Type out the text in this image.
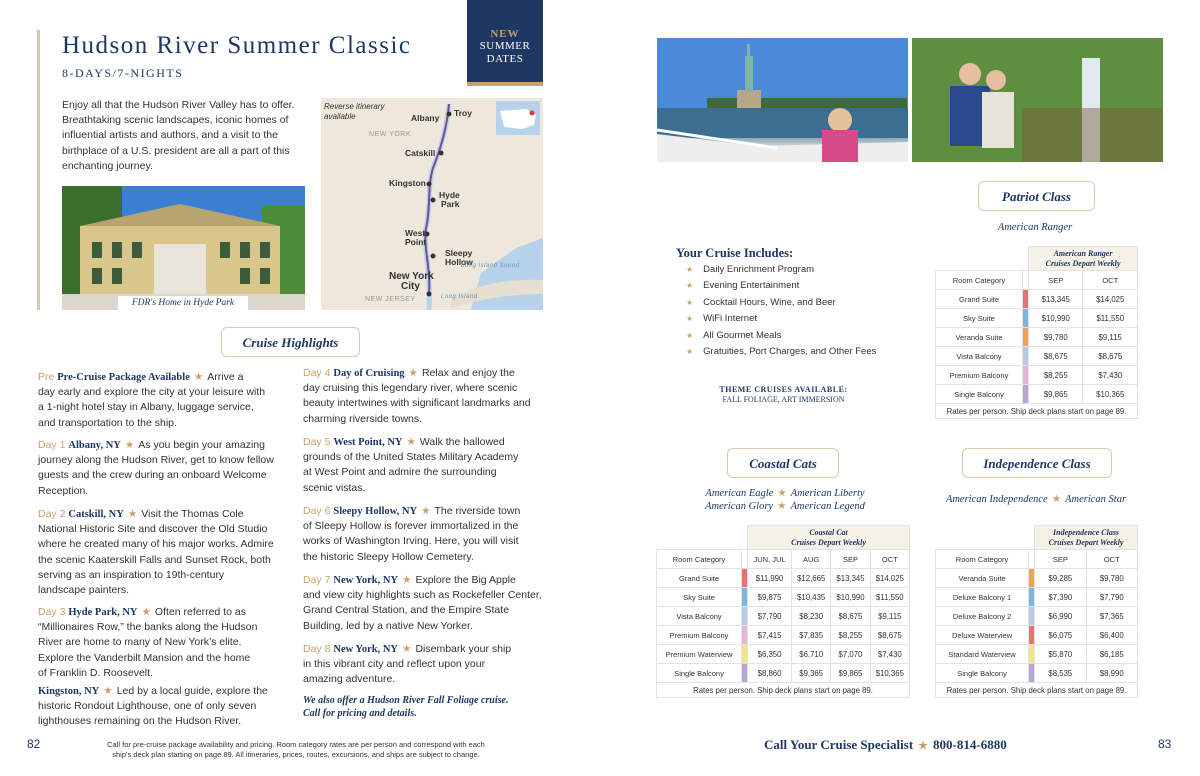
Hudson River Summer Classic
8-DAYS/7-NIGHTS
NEW
SUMMER
DATES

Enjoy all that the Hudson River Valley has to offer. Breathtaking scenic landscapes, iconic homes of influential artists and authors, and a visit to the birthplace of a U.S. president are all a part of this enchanting journey.

FDR's Home in Hyde Park
Reverse itinerary
available
NEW YORK
NEW JERSEY
Albany Troy
Catskill
Kingston
Hyde
Park
West
Point
Sleepy
Hollow
New York
City
Long Island Sound
Long Island
Cruise Highlights
Pre Pre-Cruise Package Available ★ Arrive a
day early and explore the city at your leisure with
a 1-night hotel stay in Albany, luggage service,
and transportation to the ship.
Day 1 Albany, NY ★ As you begin your amazing
journey along the Hudson River, get to know fellow
guests and the crew during an onboard Welcome
Reception.
Day 2 Catskill, NY ★ Visit the Thomas Cole
National Historic Site and discover the Old Studio
where he created many of his major works. Admire
the scenic Kaaterskill Falls and Sunset Rock, both
serving as an inspiration to 19th-century
landscape painters.
Day 3 Hyde Park, NY ★ Often referred to as
“Millionaires Row,” the banks along the Hudson
River are home to many of New York’s elite.
Explore the Vanderbilt Mansion and the home
of Franklin D. Roosevelt.
Kingston, NY ★ Led by a local guide, explore the
historic Rondout Lighthouse, one of only seven
lighthouses remaining on the Hudson River.
Day 4 Day of Cruising ★ Relax and enjoy the
day cruising this legendary river, where scenic
beauty intertwines with significant landmarks and
charming riverside towns.
Day 5 West Point, NY ★ Walk the hallowed
grounds of the United States Military Academy
at West Point and admire the surrounding
scenic vistas.
Day 6 Sleepy Hollow, NY ★ The riverside town
of Sleepy Hollow is forever immortalized in the
works of Washington Irving. Here, you will visit
the historic Sleepy Hollow Cemetery.
Day 7 New York, NY ★ Explore the Big Apple
and view city highlights such as Rockefeller Center,
Grand Central Station, and the Empire State
Building, led by a native New Yorker.
Day 8 New York, NY ★ Disembark your ship
in this vibrant city and reflect upon your
amazing adventure.
We also offer a Hudson River Fall Foliage cruise.
Call for pricing and details.
82	Call for pre-cruise package availability and pricing. Room category rates are per person and correspond with each
ship's deck plan starting on page 89. All itineraries, prices, routes, excursions, and ships are subject to change.
Patriot Class
American Ranger
Your Cruise Includes:
★ Daily Enrichment Program
★ Evening Entertainment
★ Cocktail Hours, Wine, and Beer
★ WiFi Internet
★ All Gourmet Meals
★ Gratuities, Port Charges, and Other Fees
THEME CRUISES AVAILABLE:
FALL FOLIAGE, ART IMMERSION
		American Ranger
Cruises Depart Weekly	
Room Category		SEP	OCT
Grand Suite		$13,345	$14,025
Sky Suite		$10,990	$11,550
Veranda Suite		$9,780	$9,115
Vista Balcony		$8,675	$8,675
Premium Balcony		$8,255	$7,430
Single Balcony		$9,865	$10,365
Rates per person. Ship deck plans start on page 89.			
Coastal Cats
American Eagle ★ American Liberty
American Glory ★ American Legend
		Coastal Cat
Cruises Depart Weekly			
Room Category		JUN, JUL	AUG	SEP	OCT
Grand Suite		$11,990	$12,665	$13,345	$14,025
Sky Suite		$9,875	$10,435	$10,990	$11,550
Vista Balcony		$7,790	$8,230	$8,675	$9,115
Premium Balcony		$7,415	$7,835	$8,255	$8,675
Premium Waterview		$6,350	$6,710	$7,070	$7,430
Single Balcony		$8,860	$9,365	$9,865	$10,365
Rates per person. Ship deck plans start on page 89.					
Independence Class
American Independence ★ American Star
		Independence Class
Cruises Depart Weekly	
Room Category		SEP	OCT
Veranda Suite		$9,285	$9,780
Deluxe Balcony 1		$7,390	$7,790
Deluxe Balcony 2		$6,990	$7,365
Deluxe Waterview		$6,075	$6,400
Standard Waterview		$5,870	$6,185
Single Balcony		$8,535	$8,990
Rates per person. Ship deck plans start on page 89.			
Call Your Cruise Specialist ★ 800-814-6880	83
